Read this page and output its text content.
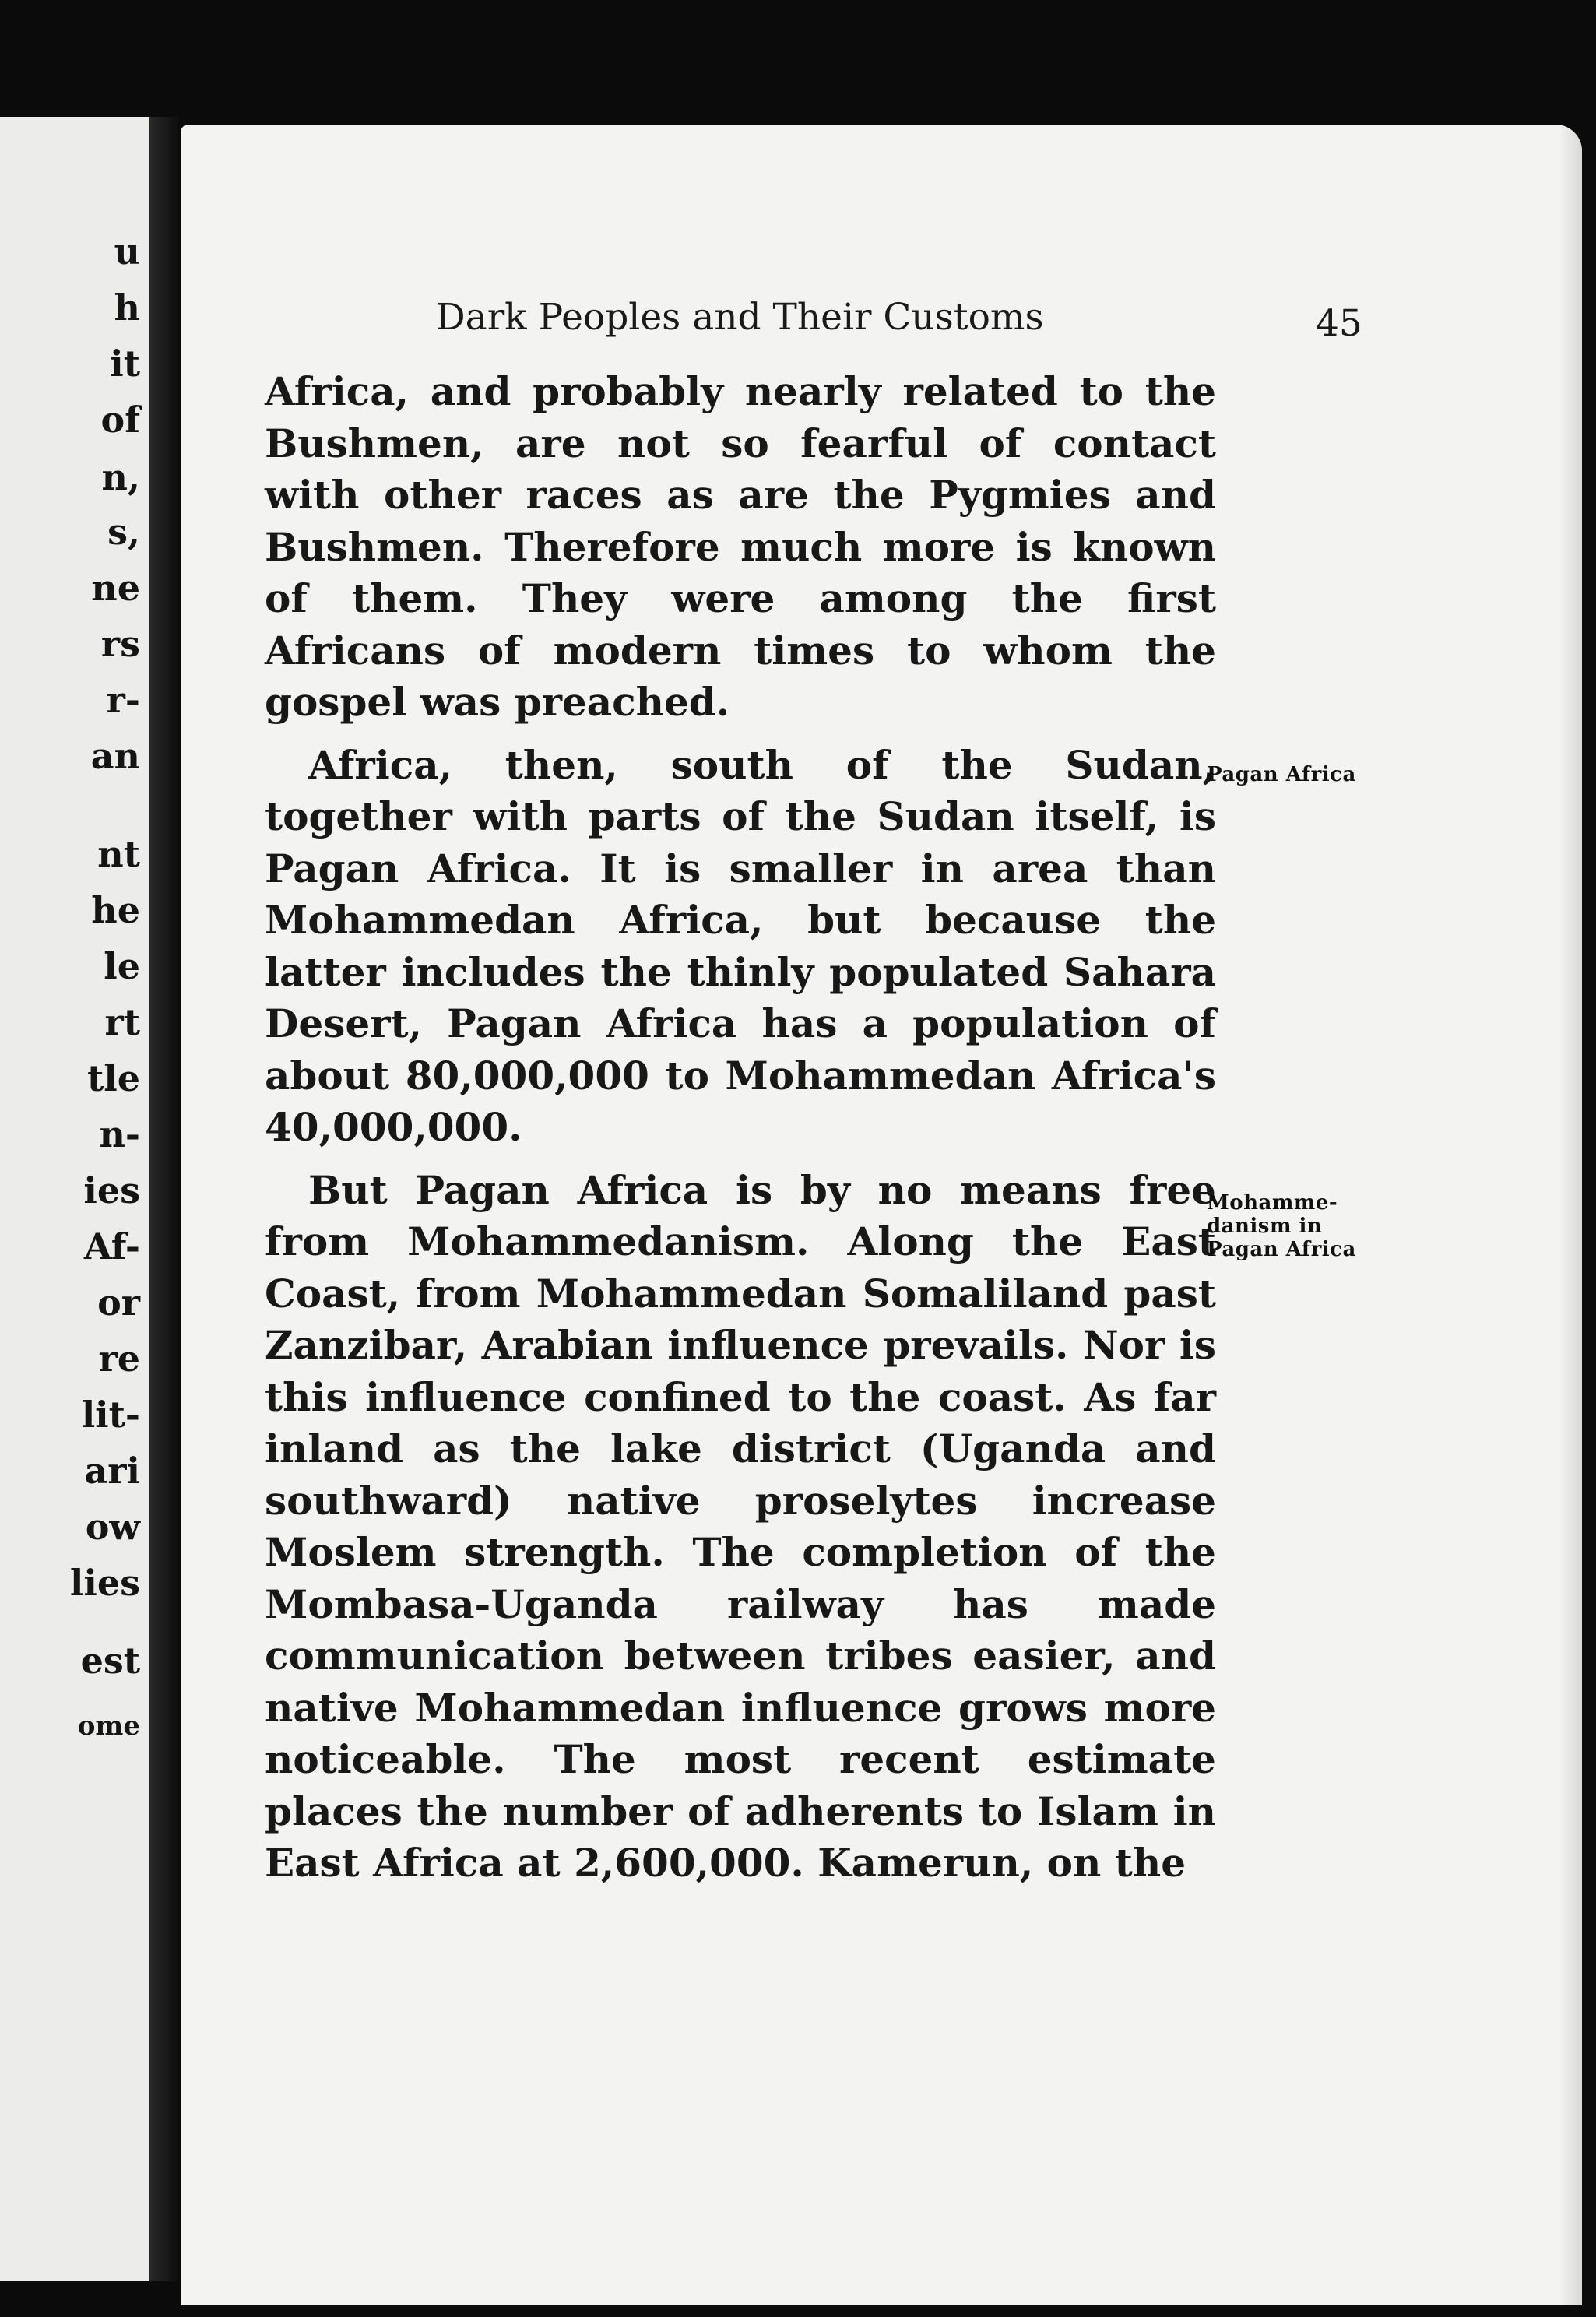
u
h
it
of
n,
s,
ne
rs
r-
an
nt
he
le
rt
tle
n-
ies
Af-
or
re
lit-
ari
ow
lies
est
ome
Dark Peoples and Their Customs	45

Africa, and probably nearly related to the Bushmen, are not so fearful of contact with other races as are the Pygmies and Bushmen. Therefore much more is known of them. They were among the first Africans of modern times to whom the gospel was preached.

Africa, then, south of the Sudan, together with parts of the Sudan itself, is Pagan Africa. It is smaller in area than Mohammedan Africa, but because the latter includes the thinly populated Sahara Desert, Pagan Africa has a population of about 80,000,000 to Mohammedan Africa's 40,000,000.

But Pagan Africa is by no means free from Mohammedanism. Along the East Coast, from Mohammedan Somaliland past Zanzibar, Arabian influence prevails. Nor is this influence confined to the coast. As far inland as the lake district (Uganda and southward) native proselytes increase Moslem strength. The completion of the Mombasa-Uganda railway has made communication between tribes easier, and native Mohammedan influence grows more noticeable. The most recent estimate places the number of adherents to Islam in East Africa at 2,600,000. Kamerun, on the

Pagan Africa
Mohamme-
danism in
Pagan Africa
